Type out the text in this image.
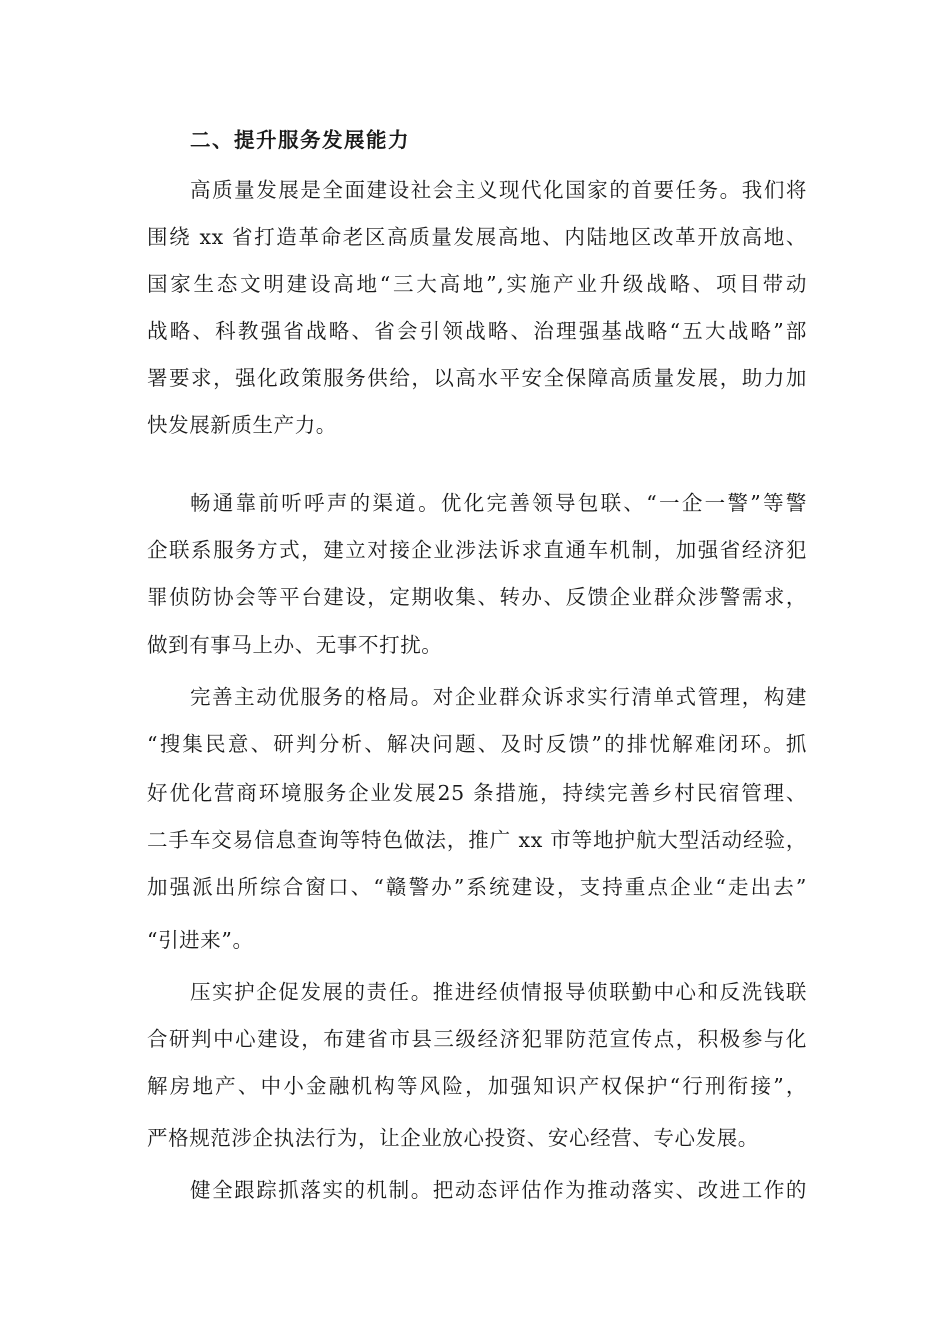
二、提升服务发展能力
高质量发展是全面建设社会主义现代化国家的首要任务。我们将
围绕 xx 省打造革命老区高质量发展高地、内陆地区改革开放高地、
国家生态文明建设高地“三大高地”,实施产业升级战略、项目带动
战略、科教强省战略、省会引领战略、治理强基战略“五大战略”部
署要求，强化政策服务供给，以高水平安全保障高质量发展，助力加
快发展新质生产力。
畅通靠前听呼声的渠道。优化完善领导包联、“一企一警”等警
企联系服务方式，建立对接企业涉法诉求直通车机制，加强省经济犯
罪侦防协会等平台建设，定期收集、转办、反馈企业群众涉警需求，
做到有事马上办、无事不打扰。
完善主动优服务的格局。对企业群众诉求实行清单式管理，构建
“搜集民意、研判分析、解决问题、及时反馈”的排忧解难闭环。抓
好优化营商环境服务企业发展25 条措施，持续完善乡村民宿管理、
二手车交易信息查询等特色做法，推广 xx 市等地护航大型活动经验，
加强派出所综合窗口、“赣警办”系统建设，支持重点企业“走出去”
“引进来”。
压实护企促发展的责任。推进经侦情报导侦联勤中心和反洗钱联
合研判中心建设，布建省市县三级经济犯罪防范宣传点，积极参与化
解房地产、中小金融机构等风险，加强知识产权保护“行刑衔接”，
严格规范涉企执法行为，让企业放心投资、安心经营、专心发展。
健全跟踪抓落实的机制。把动态评估作为推动落实、改进工作的
